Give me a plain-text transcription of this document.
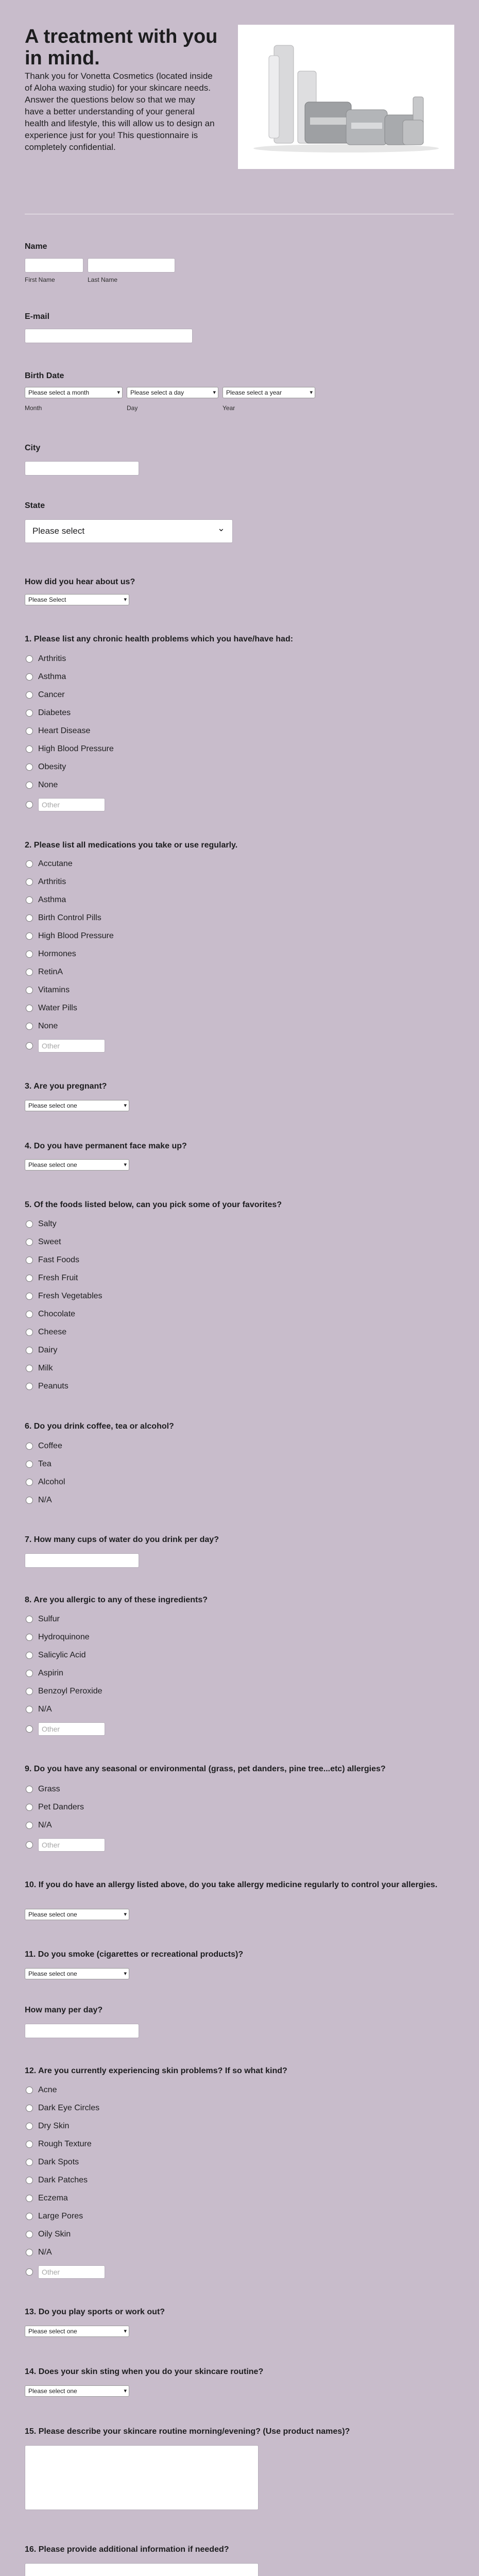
A treatment with you in mind.
Thank you for Vonetta Cosmetics (located inside of Aloha waxing studio) for your skincare needs. Answer the questions below so that we may have a better understanding of your general health and lifestyle, this will allow us to design an experience just for you! This questionnaire is completely confidential.
Name
First Name	Last Name
E-mail
Birth Date
Please select a month ▾	Please select a day ▾	Please select a year ▾
Month	Day	Year
City
State
Please select ⌄
How did you hear about us?
Please Select ▾
1. Please list any chronic health problems which you have/have had:
2. Please list all medications you take or use regularly.
3. Are you pregnant?
Please select one ▾
4. Do you have permanent face make up?
Please select one ▾
5. Of the foods listed below, can you pick some of your favorites?
6. Do you drink coffee, tea or alcohol?
7. How many cups of water do you drink per day?
8. Are you allergic to any of these ingredients?
9. Do you have any seasonal or environmental (grass, pet danders, pine tree...etc) allergies?
10. If you do have an allergy listed above, do you take allergy medicine regularly to control your allergies.
Please select one ▾
11. Do you smoke (cigarettes or recreational products)?
Please select one ▾
How many per day?
12. Are you currently experiencing skin problems? If so what kind?
13. Do you play sports or work out?
Please select one ▾
14. Does your skin sting when you do your skincare routine?
Please select one ▾
15. Please describe your skincare routine morning/evening? (Use product names)?
16. Please provide additional information if needed?
Arthritis
Asthma
Cancer
Diabetes
Heart Disease
High Blood Pressure
Obesity
None
Other
Accutane
Arthritis
Asthma
Birth Control Pills
High Blood Pressure
Hormones
RetinA
Vitamins
Water Pills
None
Other
Salty
Sweet
Fast Foods
Fresh Fruit
Fresh Vegetables
Chocolate
Cheese
Dairy
Milk
Peanuts
Coffee
Tea
Alcohol
N/A
Sulfur
Hydroquinone
Salicylic Acid
Aspirin
Benzoyl Peroxide
N/A
Other
Grass
Pet Danders
N/A
Other
Acne
Dark Eye Circles
Dry Skin
Rough Texture
Dark Spots
Dark Patches
Eczema
Large Pores
Oily Skin
N/A
Other
